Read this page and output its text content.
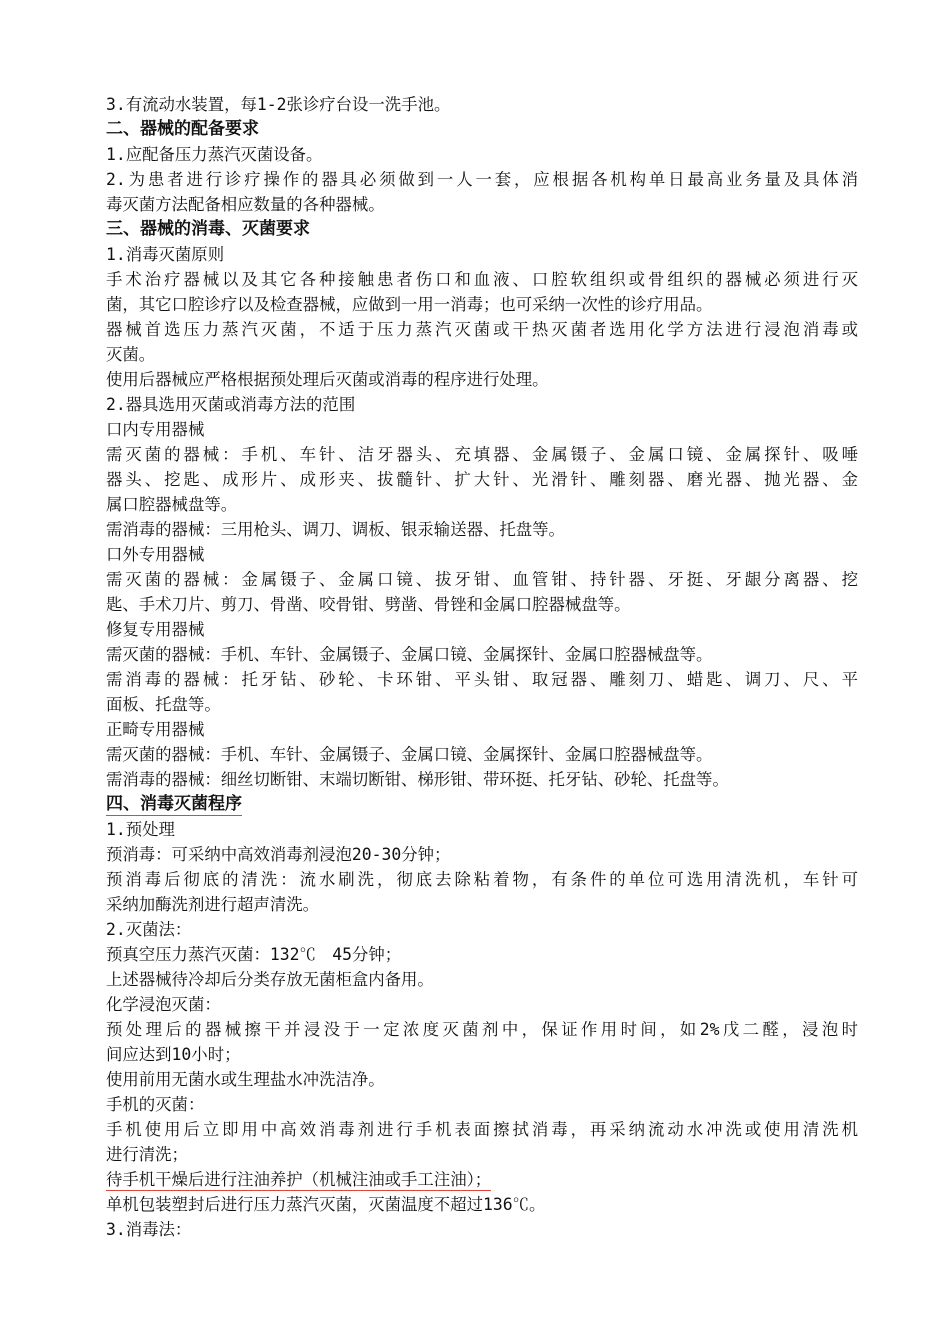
3.有流动水装置，每1-2张诊疗台设一洗手池。
二、器械的配备要求
1.应配备压力蒸汽灭菌设备。
2.为患者进行诊疗操作的器具必须做到一人一套，应根据各机构单日最高业务量及具体消
毒灭菌方法配备相应数量的各种器械。
三、器械的消毒、灭菌要求
1.消毒灭菌原则
手术治疗器械以及其它各种接触患者伤口和血液、口腔软组织或骨组织的器械必须进行灭
菌，其它口腔诊疗以及检查器械，应做到一用一消毒；也可采纳一次性的诊疗用品。
器械首选压力蒸汽灭菌，不适于压力蒸汽灭菌或干热灭菌者选用化学方法进行浸泡消毒或
灭菌。
使用后器械应严格根据预处理后灭菌或消毒的程序进行处理。
2.器具选用灭菌或消毒方法的范围
口内专用器械
需灭菌的器械：手机、车针、洁牙器头、充填器、金属镊子、金属口镜、金属探针、吸唾
器头、挖匙、成形片、成形夹、拔髓针、扩大针、光滑针、雕刻器、磨光器、抛光器、金
属口腔器械盘等。
需消毒的器械：三用枪头、调刀、调板、银汞输送器、托盘等。
口外专用器械
需灭菌的器械：金属镊子、金属口镜、拔牙钳、血管钳、持针器、牙挺、牙龈分离器、挖
匙、手术刀片、剪刀、骨凿、咬骨钳、劈凿、骨锉和金属口腔器械盘等。
修复专用器械
需灭菌的器械：手机、车针、金属镊子、金属口镜、金属探针、金属口腔器械盘等。
需消毒的器械：托牙钻、砂轮、卡环钳、平头钳、取冠器、雕刻刀、蜡匙、调刀、尺、平
面板、托盘等。
正畸专用器械
需灭菌的器械：手机、车针、金属镊子、金属口镜、金属探针、金属口腔器械盘等。
需消毒的器械：细丝切断钳、末端切断钳、梯形钳、带环挺、托牙钻、砂轮、托盘等。
四、消毒灭菌程序
1.预处理
预消毒：可采纳中高效消毒剂浸泡20-30分钟；
预消毒后彻底的清洗：流水刷洗，彻底去除粘着物，有条件的单位可选用清洗机，车针可
采纳加酶洗剂进行超声清洗。
2.灭菌法：
预真空压力蒸汽灭菌：132℃　45分钟；
上述器械待冷却后分类存放无菌柜盒内备用。
化学浸泡灭菌：
预处理后的器械擦干并浸没于一定浓度灭菌剂中，保证作用时间，如2%戊二醛，浸泡时
间应达到10小时；
使用前用无菌水或生理盐水冲洗洁净。
手机的灭菌：
手机使用后立即用中高效消毒剂进行手机表面擦拭消毒，再采纳流动水冲洗或使用清洗机
进行清洗；
待手机干燥后进行注油养护（机械注油或手工注油）；
单机包装塑封后进行压力蒸汽灭菌，灭菌温度不超过136℃。
3.消毒法：
